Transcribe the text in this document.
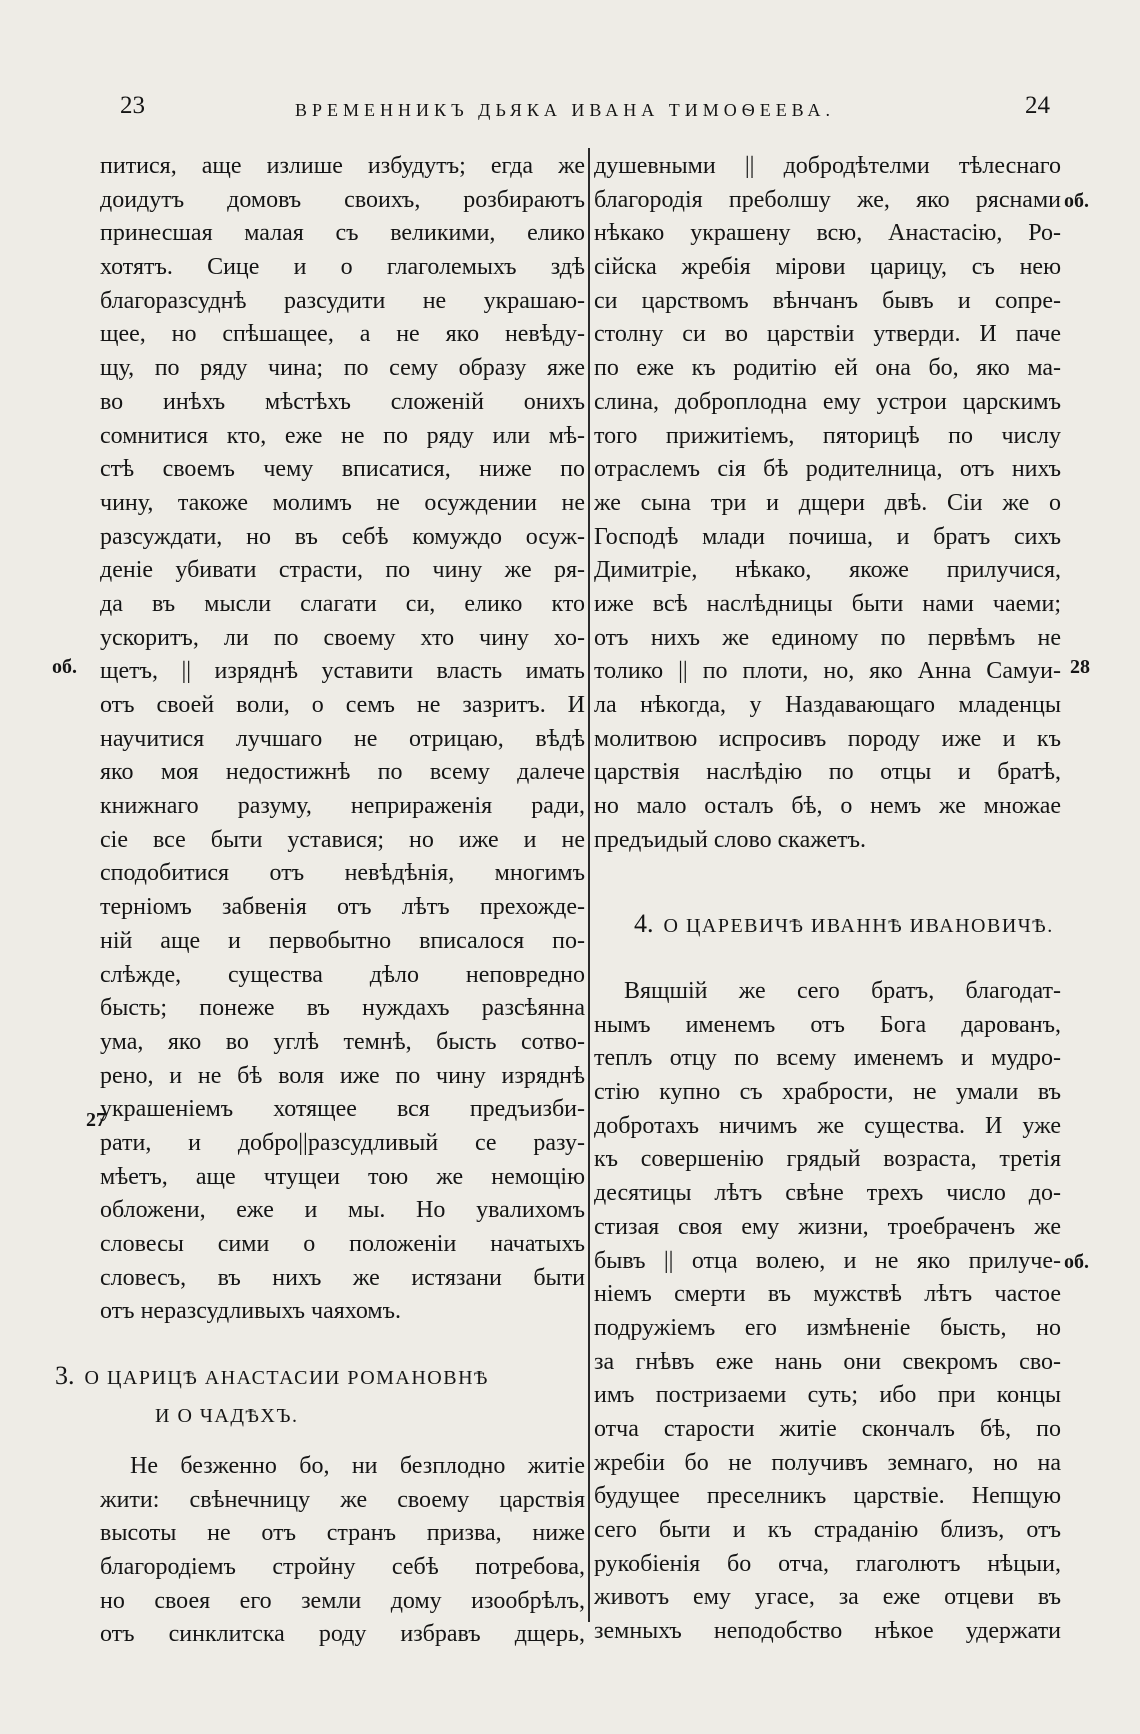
23	ВРЕМЕННИКЪ ДЬЯКА ИВАНА ТИМОѲЕЕВА.	24
питися, аще излише избудутъ; егда же
доидутъ домовъ своихъ, розбираютъ
принесшая малая съ великими, елико
хотятъ. Сице и о глаголемыхъ здѣ
благоразсуднѣ разсудити не украшаю-
щее, но спѣшащее, а не яко невѣду-
щу, по ряду чина; по сему образу яже
во инѣхъ мѣстѣхъ сложеній онихъ
сомнитися кто, еже не по ряду или мѣ-
стѣ своемъ чему вписатися, ниже по
чину, такоже молимъ не осуждении не
разсуждати, но въ себѣ комуждо осуж-
деніе убивати страсти, по чину же ря-
да въ мысли слагати си, елико кто
ускоритъ, ли по своему хто чину хо-
щетъ, || изряднѣ уставити власть имать
отъ своей воли, о семъ не зазритъ. И
научитися лучшаго не отрицаю, вѣдѣ
яко моя недостижнѣ по всему далече
книжнаго разуму, неприраженія ради,
сіе все быти уставися; но иже и не
сподобитися отъ невѣдѣнія, многимъ
терніомъ забвенія отъ лѣтъ прехожде-
ній аще и первобытно вписалося по-
слѣжде, существа дѣло неповредно
бысть; понеже въ нуждахъ разсѣянна
ума, яко во углѣ темнѣ, бысть сотво-
рено, и не бѣ воля иже по чину изряднѣ
украшеніемъ хотящее вся предъизби-
рати, и добро||разсудливый се разу-
мѣетъ, аще чтущеи тою же немощію
обложени, еже и мы. Но увалихомъ
словесы сими о положеніи начатыхъ
словесъ, въ нихъ же истязани быти
отъ неразсудливыхъ чаяхомъ.
3. О ЦАРИЦѢ АНАСТАСИИ РОМАНОВНѢ
И О ЧАДѢХЪ.
Не безженно бо, ни безплодно житіе
жити: свѣнечницу же своему царствія
высоты не отъ странъ призва, ниже
благородіемъ стройну себѣ потребова,
но своея его земли дому изообрѣлъ,
отъ синклитска роду избравъ дщерь,
душевными || добродѣтелми тѣлеснаго
благородія преболшу же, яко ряснами
нѣкако украшену всю, Анастасію, Ро-
сійска жребія мірови царицу, съ нею
си царствомъ вѣнчанъ бывъ и сопре-
столну си во царствіи утверди. И паче
по еже къ родитію ей она бо, яко ма-
слина, доброплодна ему устрои царскимъ
того прижитіемъ, пяторицѣ по числу
отраслемъ сія бѣ родителница, отъ нихъ
же сына три и дщери двѣ. Сіи же о
Господѣ млади почиша, и братъ сихъ
Димитріе, нѣкако, якоже прилучися,
иже всѣ наслѣдницы быти нами чаеми;
отъ нихъ же единому по первѣмъ не
толико || по плоти, но, яко Анна Самуи-
ла нѣкогда, у Наздавающаго младенцы
молитвою испросивъ породу иже и къ
царствія наслѣдію по отцы и братѣ,
но мало осталъ бѣ, о немъ же множае
предъидый слово скажетъ.
4. О ЦАРЕВИЧѢ ИВАННѢ ИВАНОВИЧѢ.
Вящшій же сего братъ, благодат-
нымъ именемъ отъ Бога дарованъ,
теплъ отцу по всему именемъ и мудро-
стію купно съ храбрости, не умали въ
добротахъ ничимъ же существа. И уже
къ совершенію грядый возраста, третія
десятицы лѣтъ свѣне трехъ число до-
стизая своя ему жизни, троебраченъ же
бывъ || отца волею, и не яко прилуче-
ніемъ смерти въ мужствѣ лѣтъ частое
подружіемъ его измѣненіе бысть, но
за гнѣвъ еже нань они свекромъ сво-
имъ постризаеми суть; ибо при концы
отча старости житіе скончалъ бѣ, по
жребіи бо не получивъ земнаго, но на
будущее преселникъ царствіе. Непщую
сего быти и къ страданію близъ, отъ
рукобіенія бо отча, глаголютъ нѣцыи,
животъ ему угасе, за еже отцеви въ
земныхъ неподобство нѣкое удержати
об.
27
об.
28
об.
